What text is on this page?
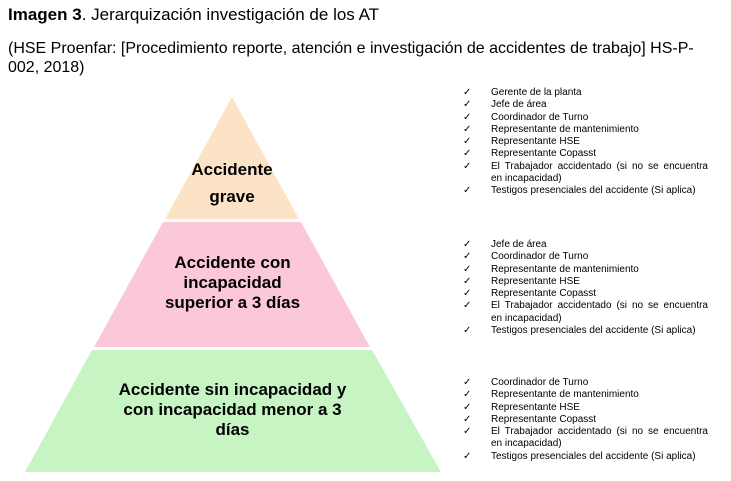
Imagen 3. Jerarquización investigación de los AT
(HSE Proenfar: [Procedimiento reporte, atención e investigación de accidentes de trabajo] HS-P-002, 2018)
Accidente
grave
Accidente con
incapacidad
superior a 3 días
Accidente sin incapacidad y
con incapacidad menor a 3
días
✓ Gerente de la planta
✓ Jefe de área
✓ Coordinador de Turno
✓ Representante de mantenimiento
✓ Representante HSE
✓ Representante Copasst
✓ El Trabajador accidentado (si no se encuentra en incapacidad)
✓ Testigos presenciales del accidente (Si aplica)
✓ Jefe de área
✓ Coordinador de Turno
✓ Representante de mantenimiento
✓ Representante HSE
✓ Representante Copasst
✓ El Trabajador accidentado (si no se encuentra en incapacidad)
✓ Testigos presenciales del accidente (Si aplica)
✓ Coordinador de Turno
✓ Representante de mantenimiento
✓ Representante HSE
✓ Representante Copasst
✓ El Trabajador accidentado (si no se encuentra en incapacidad)
✓ Testigos presenciales del accidente (Si aplica)
